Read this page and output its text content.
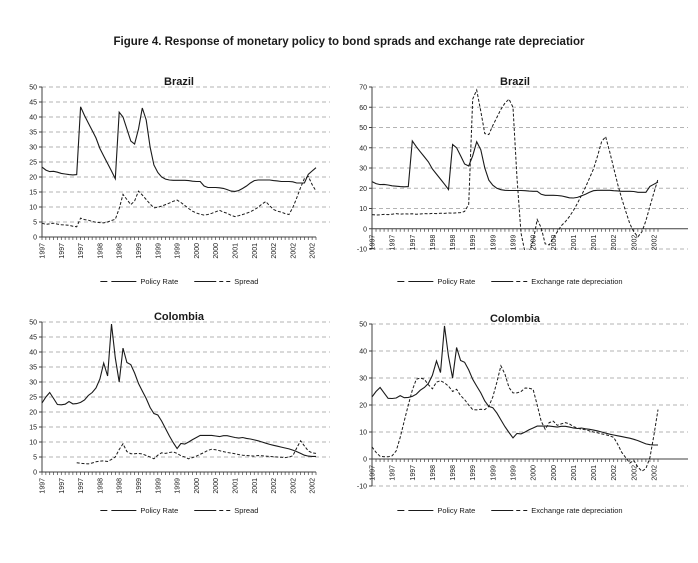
Figure 4. Response of monetary policy to bond sprads and exchange rate depreciatior
0
5
10
15
20
25
30
35
40
45
50
1997 1997 1997 1998 1998 1999 1999 1999 2000 2000 2001 2001 2002 2002 2002
Brazil
Policy Rate	Spread
-10
0
10
20
30
40
50
60
70
1997 1997 1997 1998 1998 1999 1999 1999 2000 2000 2001 2001 2002 2002 2002
Brazil
Policy Rate	Exchange rate depreciation
0
5
10
15
20
25
30
35
40
45
50
1997 1997 1997 1998 1998 1999 1999 1999 2000 2000 2001 2001 2002 2002 2002
Colombia
Policy Rate	Spread
-10
0
10
20
30
40
50
1997 1997 1997 1998 1998 1999 1999 1999 2000 2000 2001 2001 2002 2002 2002
Colombia
Policy Rate	Exchange rate depreciation
